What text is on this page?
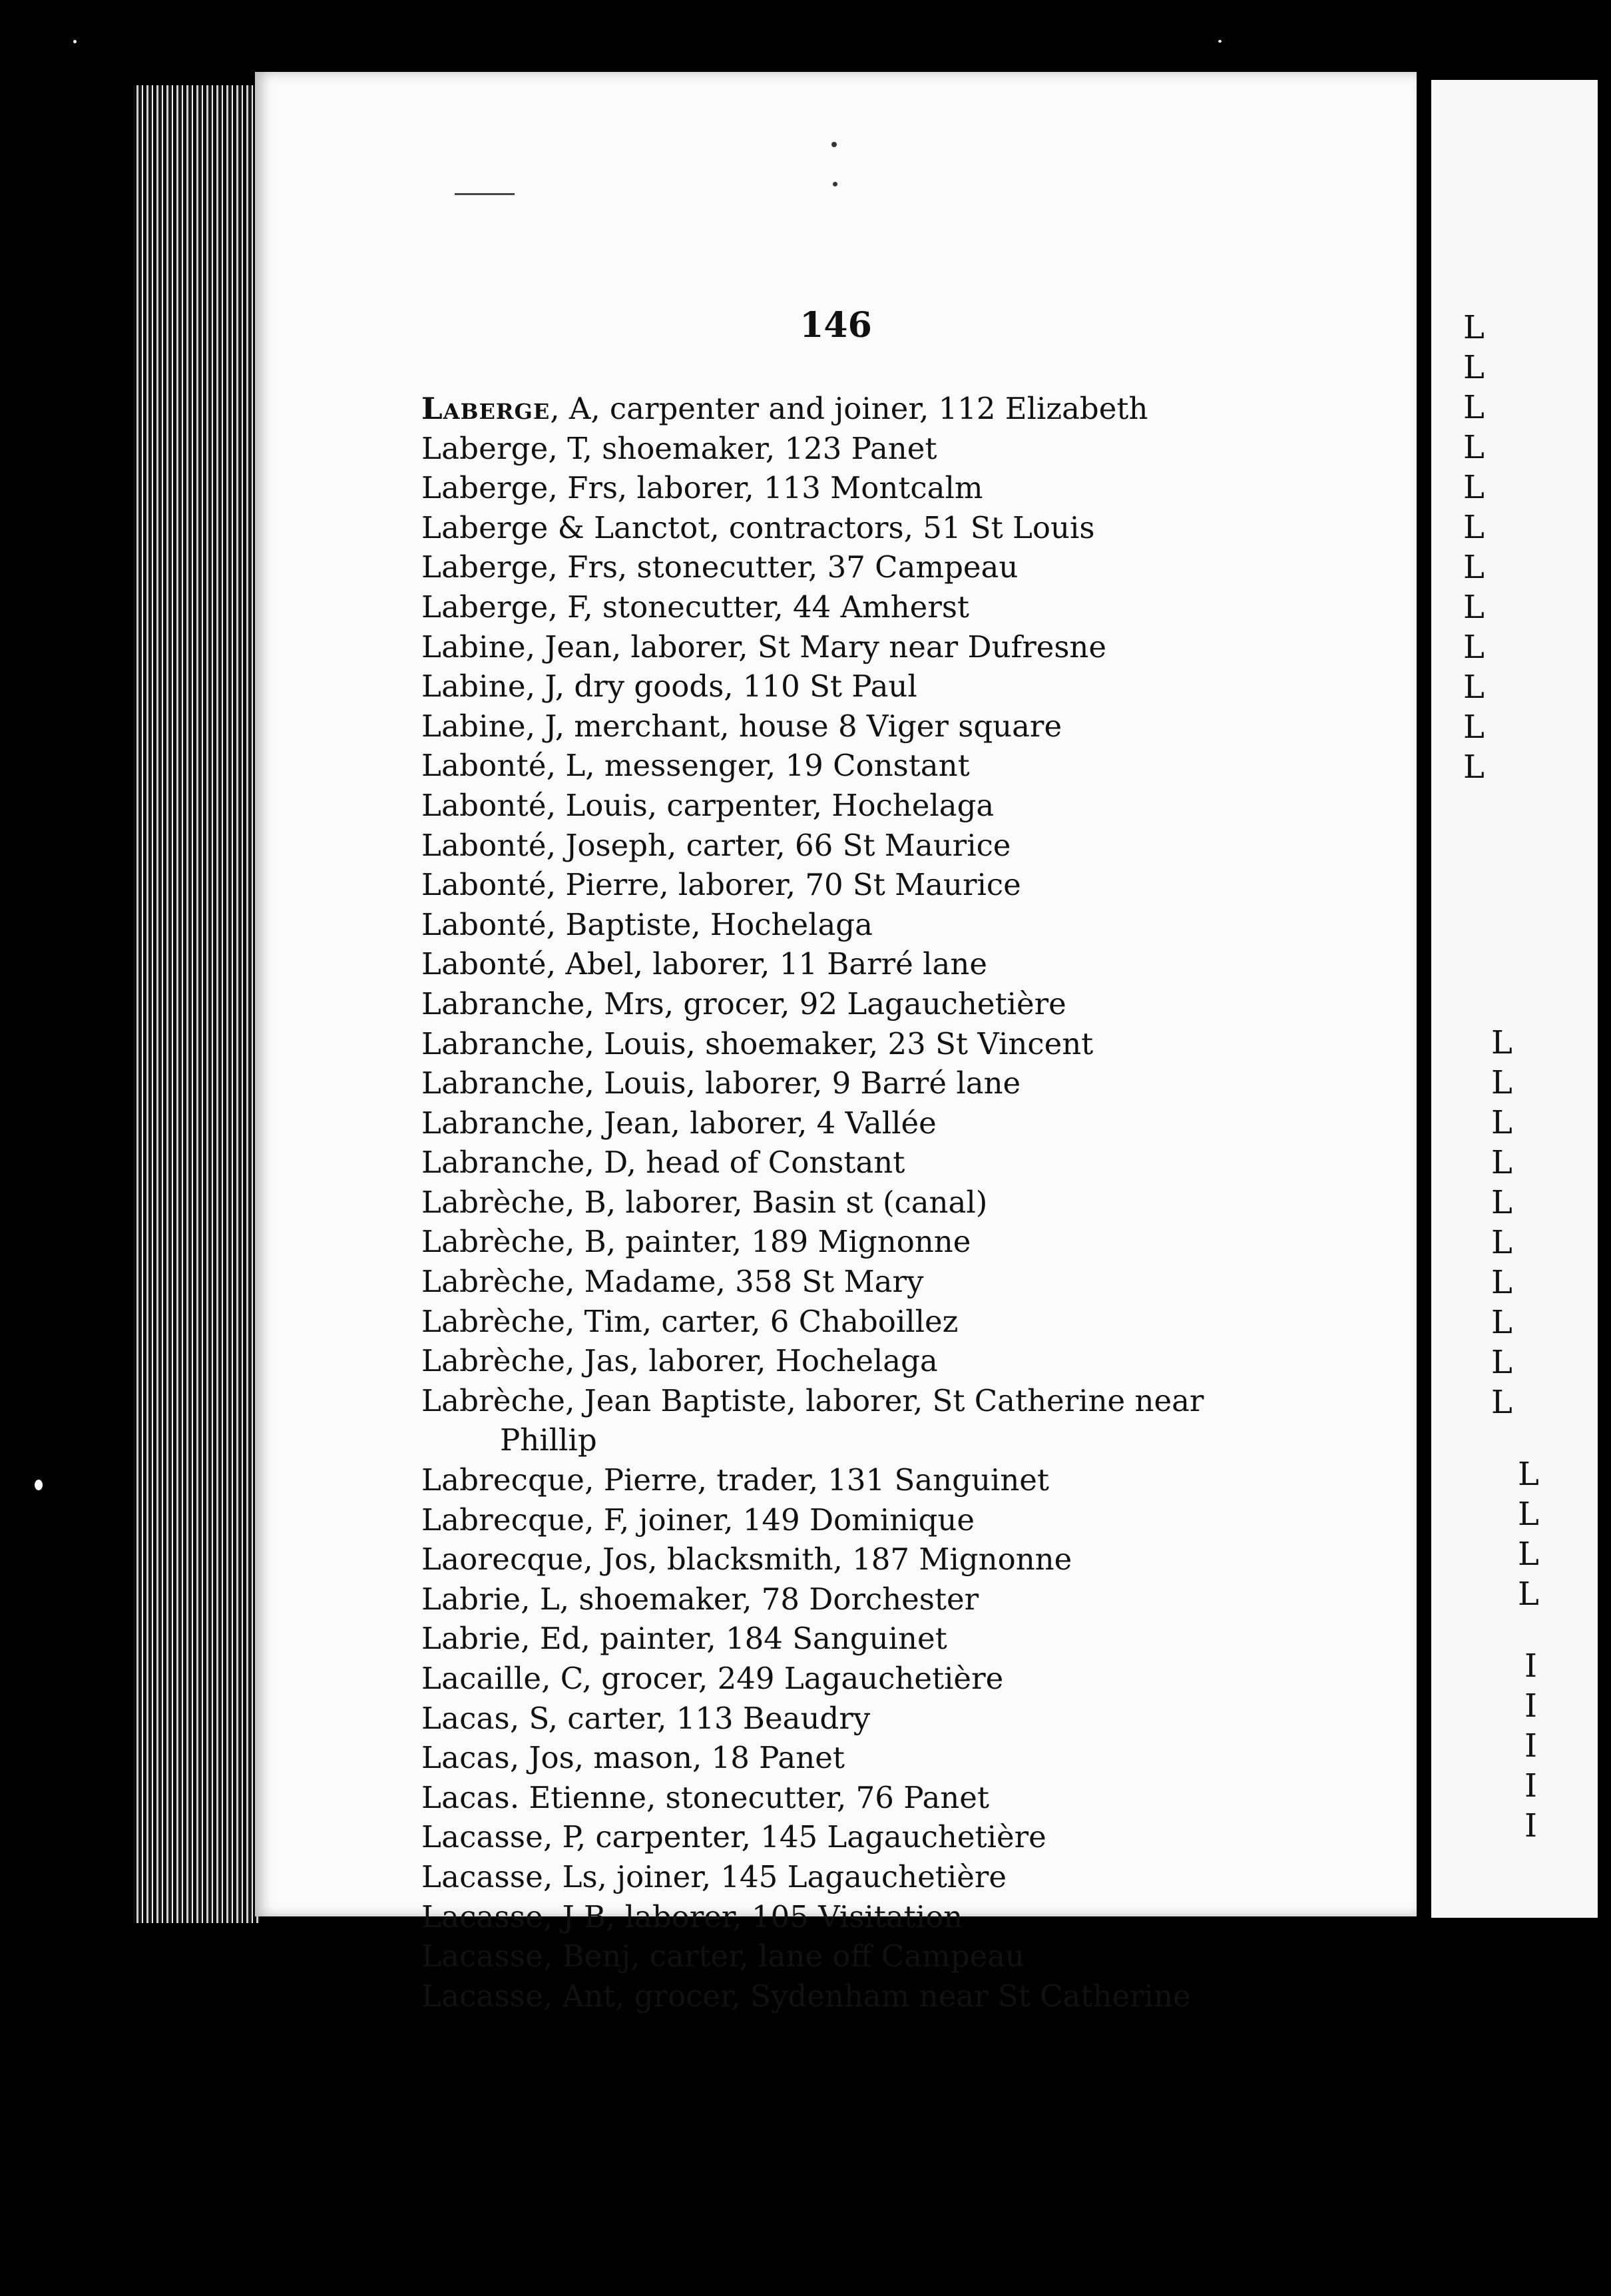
146
Laberge, A, carpenter and joiner, 112 Elizabeth
Laberge, T, shoemaker, 123 Panet
Laberge, Frs, laborer, 113 Montcalm
Laberge & Lanctot, contractors, 51 St Louis
Laberge, Frs, stonecutter, 37 Campeau
Laberge, F, stonecutter, 44 Amherst
Labine, Jean, laborer, St Mary near Dufresne
Labine, J, dry goods, 110 St Paul
Labine, J, merchant, house 8 Viger square
Labonté, L, messenger, 19 Constant
Labonté, Louis, carpenter, Hochelaga
Labonté, Joseph, carter, 66 St Maurice
Labonté, Pierre, laborer, 70 St Maurice
Labonté, Baptiste, Hochelaga
Labonté, Abel, laborer, 11 Barré lane
Labranche, Mrs, grocer, 92 Lagauchetière
Labranche, Louis, shoemaker, 23 St Vincent
Labranche, Louis, laborer, 9 Barré lane
Labranche, Jean, laborer, 4 Vallée
Labranche, D, head of Constant
Labrèche, B, laborer, Basin st (canal)
Labrèche, B, painter, 189 Mignonne
Labrèche, Madame, 358 St Mary
Labrèche, Tim, carter, 6 Chaboillez
Labrèche, Jas, laborer, Hochelaga
Labrèche, Jean Baptiste, laborer, St Catherine near
Phillip
Labrecque, Pierre, trader, 131 Sanguinet
Labrecque, F, joiner, 149 Dominique
Laorecque, Jos, blacksmith, 187 Mignonne
Labrie, L, shoemaker, 78 Dorchester
Labrie, Ed, painter, 184 Sanguinet
Lacaille, C, grocer, 249 Lagauchetière
Lacas, S, carter, 113 Beaudry
Lacas, Jos, mason, 18 Panet
Lacas. Etienne, stonecutter, 76 Panet
Lacasse, P, carpenter, 145 Lagauchetière
Lacasse, Ls, joiner, 145 Lagauchetière
Lacasse, J B, laborer, 105 Visitation
Lacasse, Benj, carter, lane off Campeau
Lacasse, Ant, grocer, Sydenham near St Catherine
L
L
L
L
L
L
L
L
L
L
L
L
L
L
L
L
L
L
L
L
L
L
L
L
L
L
I
I
I
I
I
